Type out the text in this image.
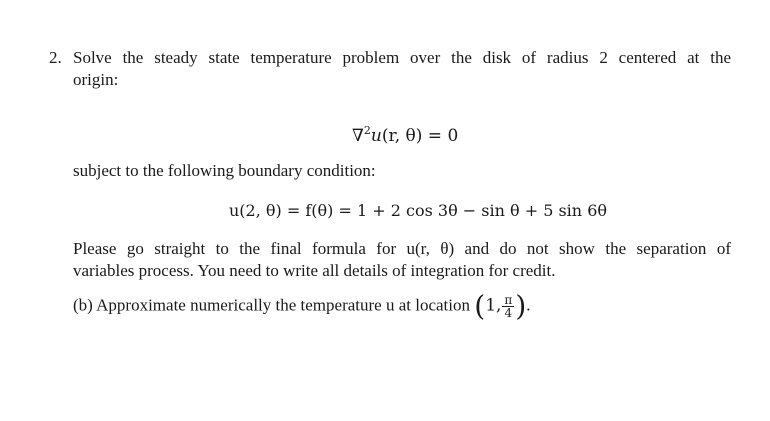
2. Solve the steady state temperature problem over the disk of radius 2 centered at the
origin:
∇$^2$u(r, θ) = 0
subject to the following boundary condition:
u(2, θ) = f(θ) = 1 + 2 cos 3θ − sin θ + 5 sin 6θ
Please go straight to the final formula for u(r, θ) and do not show the separation of
variables process. You need to write all details of integration for credit.
(b) Approximate numerically the temperature u at location (1, $\frac{\pi}{4}$ ).
